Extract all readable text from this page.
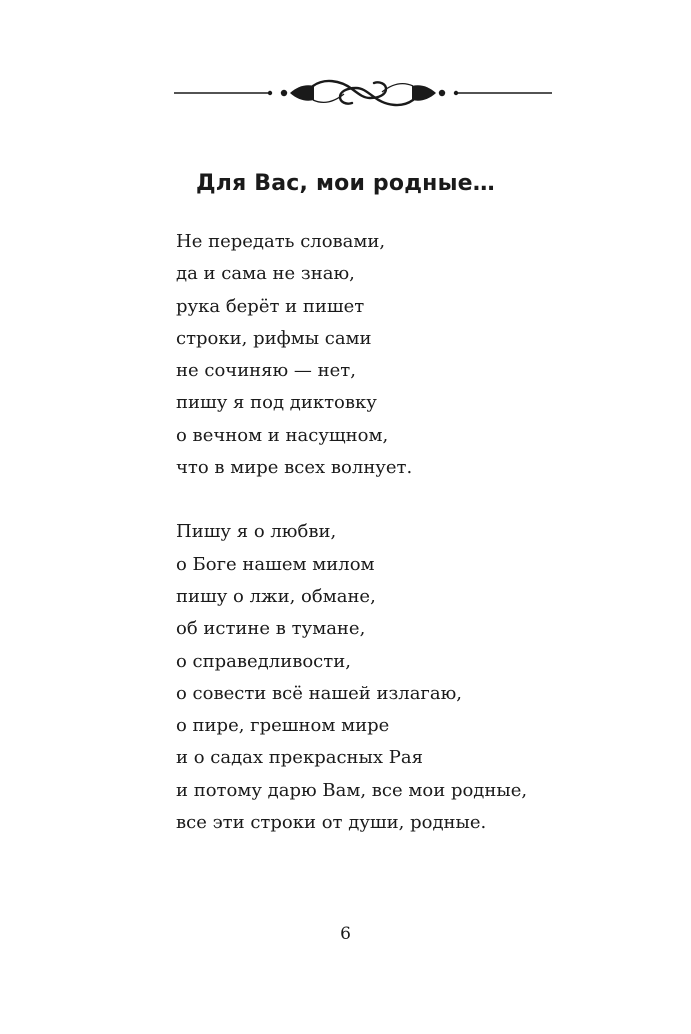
Для Вас, мои родные…

Не передать словами,
да и сама не знаю,
рука берёт и пишет
строки, рифмы сами
не сочиняю — нет,
пишу я под диктовку
о вечном и насущном,
что в мире всех волнует.

Пишу я о любви,
о Боге нашем милом
пишу о лжи, обмане,
об истине в тумане,
о справедливости,
о совести всё нашей излагаю,
о пире, грешном мире
и о садах прекрасных Рая
и потому дарю Вам, все мои родные,
все эти строки от души, родные.

6
